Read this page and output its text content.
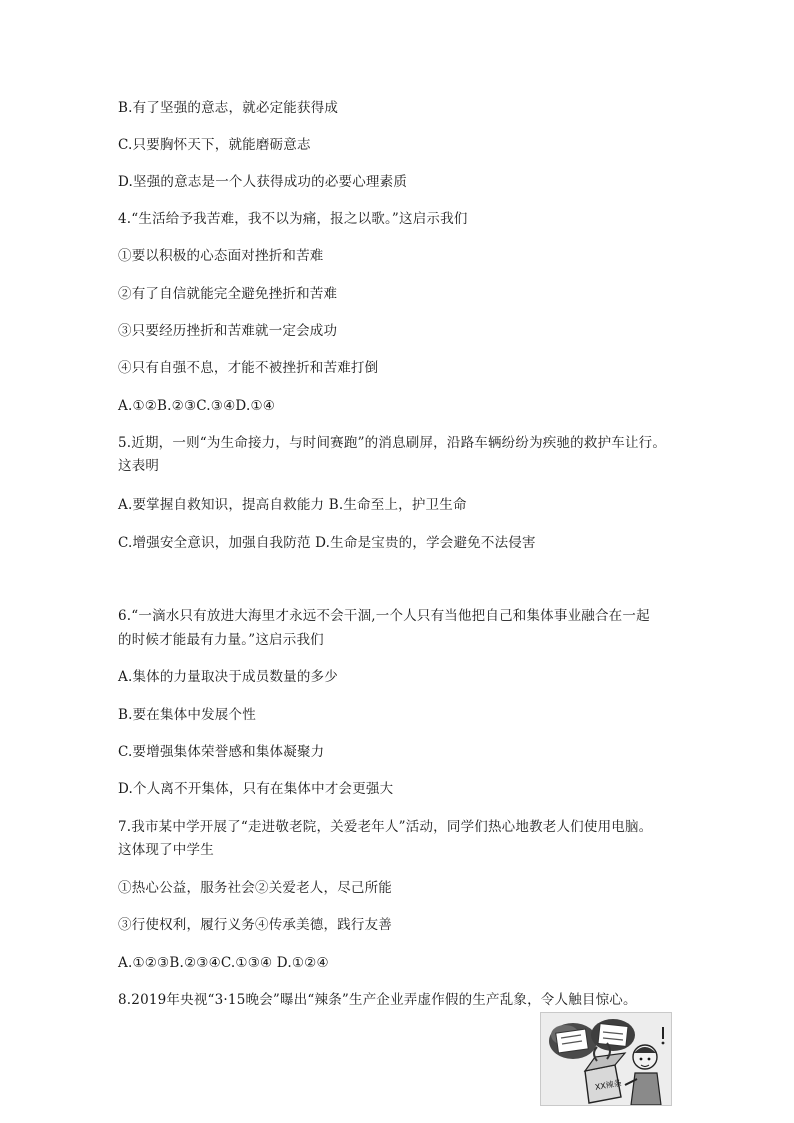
B.有了坚强的意志，就必定能获得成
C.只要胸怀天下，就能磨砺意志
D.坚强的意志是一个人获得成功的必要心理素质
4.“生活给予我苦难，我不以为痛，报之以歌。”这启示我们
①要以积极的心态面对挫折和苦难
②有了自信就能完全避免挫折和苦难
③只要经历挫折和苦难就一定会成功
④只有自强不息，才能不被挫折和苦难打倒
A.①②B.②③C.③④D.①④
5.近期，一则“为生命接力，与时间赛跑”的消息刷屏，沿路车辆纷纷为疾驰的救护车让行。
这表明
A.要掌握自救知识，提高自救能力 B.生命至上，护卫生命
C.增强安全意识，加强自我防范 D.生命是宝贵的，学会避免不法侵害
6.“一滴水只有放进大海里才永远不会干涸,一个人只有当他把自己和集体事业融合在一起
的时候才能最有力量。”这启示我们
A.集体的力量取决于成员数量的多少
B.要在集体中发展个性
C.要增强集体荣誉感和集体凝聚力
D.个人离不开集体，只有在集体中才会更强大
7.我市某中学开展了“走进敬老院，关爱老年人”活动，同学们热心地教老人们使用电脑。
这体现了中学生
①热心公益，服务社会②关爱老人，尽己所能
③行使权利，履行义务④传承美德，践行友善
A.①②③B.②③④C.①③④ D.①②④
8.2019年央视“3·15晚会”曝出“辣条”生产企业弄虚作假的生产乱象，令人触目惊心。
XX辣条
